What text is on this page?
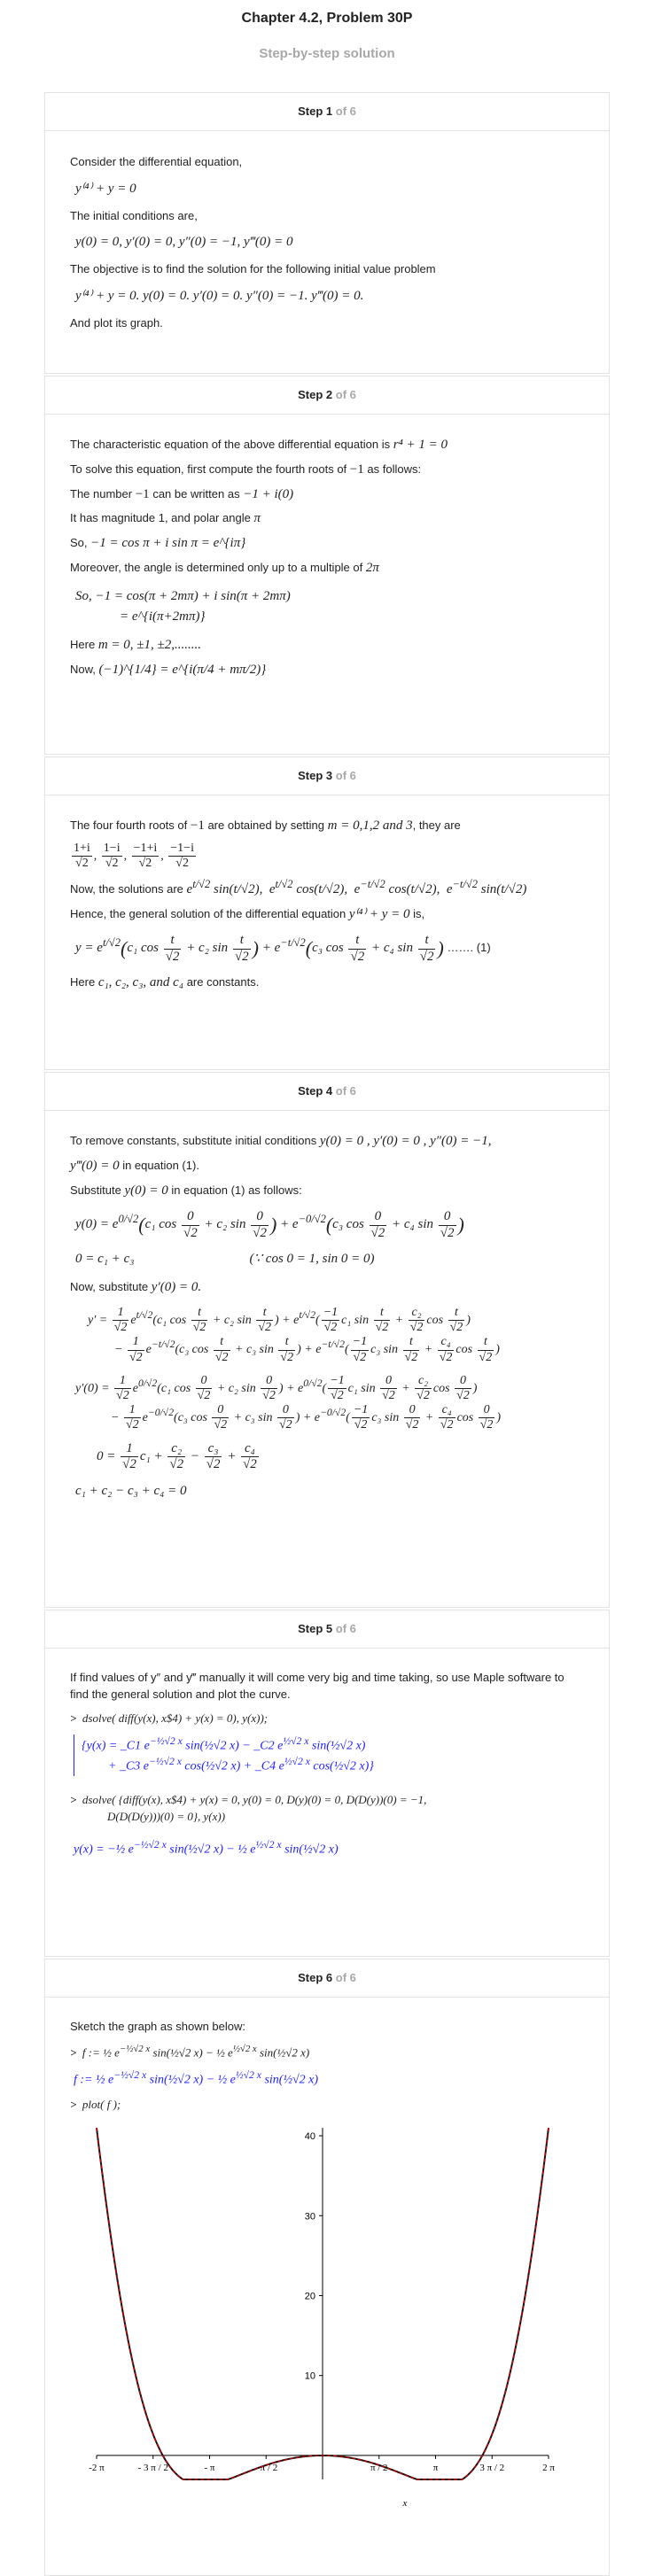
Chapter 4.2, Problem 30P
Step-by-step solution
Step 1 of 6
Consider the differential equation,
y⁽⁴⁾ + y = 0
The initial conditions are,
y(0) = 0, y′(0) = 0, y″(0) = −1, y‴(0) = 0
The objective is to find the solution for the following initial value problem
y⁽⁴⁾ + y = 0. y(0) = 0. y′(0) = 0. y″(0) = −1. y‴(0) = 0.
And plot its graph.
Step 2 of 6
The characteristic equation of the above differential equation is r⁴ + 1 = 0
To solve this equation, first compute the fourth roots of −1 as follows:
The number −1 can be written as −1 + i(0)
It has magnitude 1, and polar angle π
So, −1 = cos π + i sin π = e^{iπ}
Moreover, the angle is determined only up to a multiple of 2π
So, −1 = cos(π + 2mπ) + i sin(π + 2mπ)
= e^{i(π+2mπ)}
Here m = 0, ±1, ±2,........
Now, (−1)^{1/4} = e^{i(π/4 + mπ/2)}
Step 3 of 6
The four fourth roots of −1 are obtained by setting m = 0,1,2 and 3, they are
$\frac{1+i}{√2}$ , $\frac{1-i}{√2}$ , $\frac{-1+i}{√2}$ , $\frac{-1-i}{√2}$
Now, the solutions are $e^{t/√2}$ sin(t/√2),  $e^{t/√2}$ cos(t/√2),  $e^{-t/√2}$ cos(t/√2),  $e^{-t/√2}$ sin(t/√2)
Hence, the general solution of the differential equation y⁽⁴⁾ + y = 0 is,
$y = e^{t/√2}(c_1$ $\cos \frac{t}{√2} + c_2$ $\sin \frac{t}{√2}$ ) + $e^{-t/√2}(c_3$ $\cos \frac{t}{√2} + c_4$ $\sin \frac{t}{√2}$ ) ……. (1)
Here c₁, c₂, c₃, and c₄ are constants.
Step 4 of 6
To remove constants, substitute initial conditions y(0) = 0 , y′(0) = 0 , y″(0) = −1,
y‴(0) = 0 in equation (1).
Substitute y(0) = 0 in equation (1) as follows:
$y(0) = e^{0/√2}(c_1$ $\cos \frac{0}{√2} + c_2$ $\sin \frac{0}{√2}$ ) + $e^{-0/√2}(c_3$ $\cos \frac{0}{√2} + c_4$ $\sin \frac{0}{√2}$ )
0 = c₁ + c₃	(∵ cos 0 = 1, sin 0 = 0)
Now, substitute y′(0) = 0.
$y' = \frac{1}{√2} e^{t/√2}(c_1$ $\cos \frac{t}{√2} + c_2$ $\sin \frac{t}{√2}$ ) + $e^{t/√2}( \frac{-1}{√2} c_1$ $\sin \frac{t}{√2} + \frac{\text{c₂}}{√2}$ $\cos \frac{t}{√2}$ )
− $\frac{1}{√2} e^{-t/√2}(c_3$ $\cos \frac{t}{√2} + c_3$ $\sin \frac{t}{√2}$ ) + $e^{-t/√2}( \frac{-1}{√2} c_3$ $\sin \frac{t}{√2} + \frac{\text{c₄}}{√2}$ $\cos \frac{t}{√2}$ )
$y'(0) = \frac{1}{√2} e^{0/√2}(c_1$ $\cos \frac{0}{√2} + c_2$ $\sin \frac{0}{√2}$ ) + $e^{0/√2}( \frac{-1}{√2} c_1$ $\sin \frac{0}{√2} + \frac{\text{c₂}}{√2}$ $\cos \frac{0}{√2}$ )
− $\frac{1}{√2} e^{-0/√2}(c_3$ $\cos \frac{0}{√2} + c_3$ $\sin \frac{0}{√2}$ ) + $e^{-0/√2}( \frac{-1}{√2} c_3$ $\sin \frac{0}{√2} + \frac{\text{c₄}}{√2}$ $\cos \frac{0}{√2}$ )
$0 = \frac{1}{√2} c_1 + \frac{\text{c₂}}{√2} - \frac{\text{c₃}}{√2} + \frac{\text{c₄}}{√2}$
c₁ + c₂ − c₃ + c₄ = 0
Step 5 of 6
If find values of y″ and y‴ manually it will come very big and time taking, so use Maple software to find the general solution and plot the curve.
> dsolve( diff(y(x), x$4) + y(x) = 0), y(x));
{y(x) = _C1 $e^{-\frac{1}{2}√2 x}$ sin(½√2 x) − _C2 $e^{\frac{1}{2}√2 x}$ sin(½√2 x)
+ _C3 $e^{-\frac{1}{2}√2 x}$ cos(½√2 x) + _C4 $e^{\frac{1}{2}√2 x}$ cos(½√2 x)}
> dsolve( {diff(y(x), x$4) + y(x) = 0, y(0) = 0, D(y)(0) = 0, D(D(y))(0) = −1,
D(D(D(y)))(0) = 0}, y(x))
y(x) = −½ $e^{-\frac{1}{2}√2 x}$ sin(½√2 x) − ½ $e^{\frac{1}{2}√2 x}$ sin(½√2 x)
Step 6 of 6
Sketch the graph as shown below:
>  f := ½ $e^{-\frac{1}{2}√2 x}$ sin(½√2 x) − ½ $e^{\frac{1}{2}√2 x}$ sin(½√2 x)
f := ½ $e^{-\frac{1}{2}√2 x}$ sin(½√2 x) − ½ $e^{\frac{1}{2}√2 x}$ sin(½√2 x)
> plot( f );
10
20
30
40
-2 π	- 3 π / 2	- π	- π / 2	π / 2	π	3 π / 2	2 π
x
